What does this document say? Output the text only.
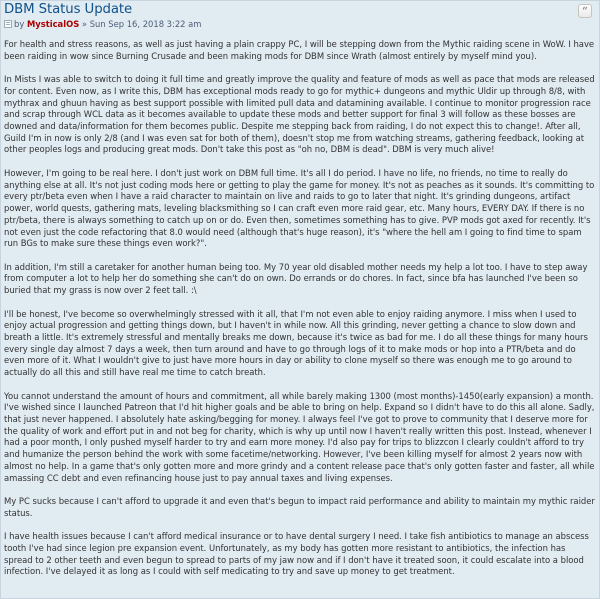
DBM Status Update	“
by MysticalOS » Sun Sep 16, 2018 3:22 am

For health and stress reasons, as well as just having a plain crappy PC, I will be stepping down from the Mythic raiding scene in WoW. I have been raiding in wow since Burning Crusade and been making mods for DBM since Wrath (almost entirely by myself mind you).

In Mists I was able to switch to doing it full time and greatly improve the quality and feature of mods as well as pace that mods are released for content. Even now, as I write this, DBM has exceptional mods ready to go for mythic+ dungeons and mythic Uldir up through 8/8, with mythrax and ghuun having as best support possible with limited pull data and datamining available. I continue to monitor progression race and scrap through WCL data as it becomes available to update these mods and better support for final 3 will follow as these bosses are downed and data/information for them becomes public. Despite me stepping back from raiding, I do not expect this to change!. After all, Guild I'm in now is only 2/8 (and I was even sat for both of them), doesn't stop me from watching streams, gathering feedback, looking at other peoples logs and producing great mods. Don't take this post as "oh no, DBM is dead". DBM is very much alive!

However, I'm going to be real here. I don't just work on DBM full time. It's all I do period. I have no life, no friends, no time to really do anything else at all. It's not just coding mods here or getting to play the game for money. It's not as peaches as it sounds. It's committing to every ptr/beta even when I have a raid character to maintain on live and raids to go to later that night. It's grinding dungeons, artifact power, world quests, gathering mats, leveling blacksmithing so I can craft even more raid gear, etc. Many hours, EVERY DAY. If there is no ptr/beta, there is always something to catch up on or do. Even then, sometimes something has to give. PVP mods got axed for recently. It's not even just the code refactoring that 8.0 would need (although that's huge reason), it's "where the hell am I going to find time to spam run BGs to make sure these things even work?".

In addition, I'm still a caretaker for another human being too. My 70 year old disabled mother needs my help a lot too. I have to step away from computer a lot to help her do something she can't do on own. Do errands or do chores. In fact, since bfa has launched I've been so buried that my grass is now over 2 feet tall. :\

I'll be honest, I've become so overwhelmingly stressed with it all, that I'm not even able to enjoy raiding anymore. I miss when I used to enjoy actual progression and getting things down, but I haven't in while now. All this grinding, never getting a chance to slow down and breath a little. It's extremely stressful and mentally breaks me down, because it's twice as bad for me. I do all these things for many hours every single day almost 7 days a week, then turn around and have to go through logs of it to make mods or hop into a PTR/beta and do even more of it. What I wouldn't give to just have more hours in day or ability to clone myself so there was enough me to go around to actually do all this and still have real me time to catch breath.

You cannot understand the amount of hours and commitment, all while barely making 1300 (most months)-1450(early expansion) a month. I've wished since I launched Patreon that I'd hit higher goals and be able to bring on help. Expand so I didn't have to do this all alone. Sadly, that just never happened. I absolutely hate asking/begging for money. I always feel I've got to prove to community that I deserve more for the quality of work and effort put in and not beg for charity, which is why up until now I haven't really written this post. Instead, whenever I had a poor month, I only pushed myself harder to try and earn more money. I'd also pay for trips to blizzcon I clearly couldn't afford to try and humanize the person behind the work with some facetime/networking. However, I've been killing myself for almost 2 years now with almost no help. In a game that's only gotten more and more grindy and a content release pace that's only gotten faster and faster, all while amassing CC debt and even refinancing house just to pay annual taxes and living expenses.

My PC sucks because I can't afford to upgrade it and even that's begun to impact raid performance and ability to maintain my mythic raider status.

I have health issues because I can't afford medical insurance or to have dental surgery I need. I take fish antibiotics to manage an abscess tooth I've had since legion pre expansion event. Unfortunately, as my body has gotten more resistant to antibiotics, the infection has spread to 2 other teeth and even begun to spread to parts of my jaw now and if I don't have it treated soon, it could escalate into a blood infection. I've delayed it as long as I could with self medicating to try and save up money to get treatment.
